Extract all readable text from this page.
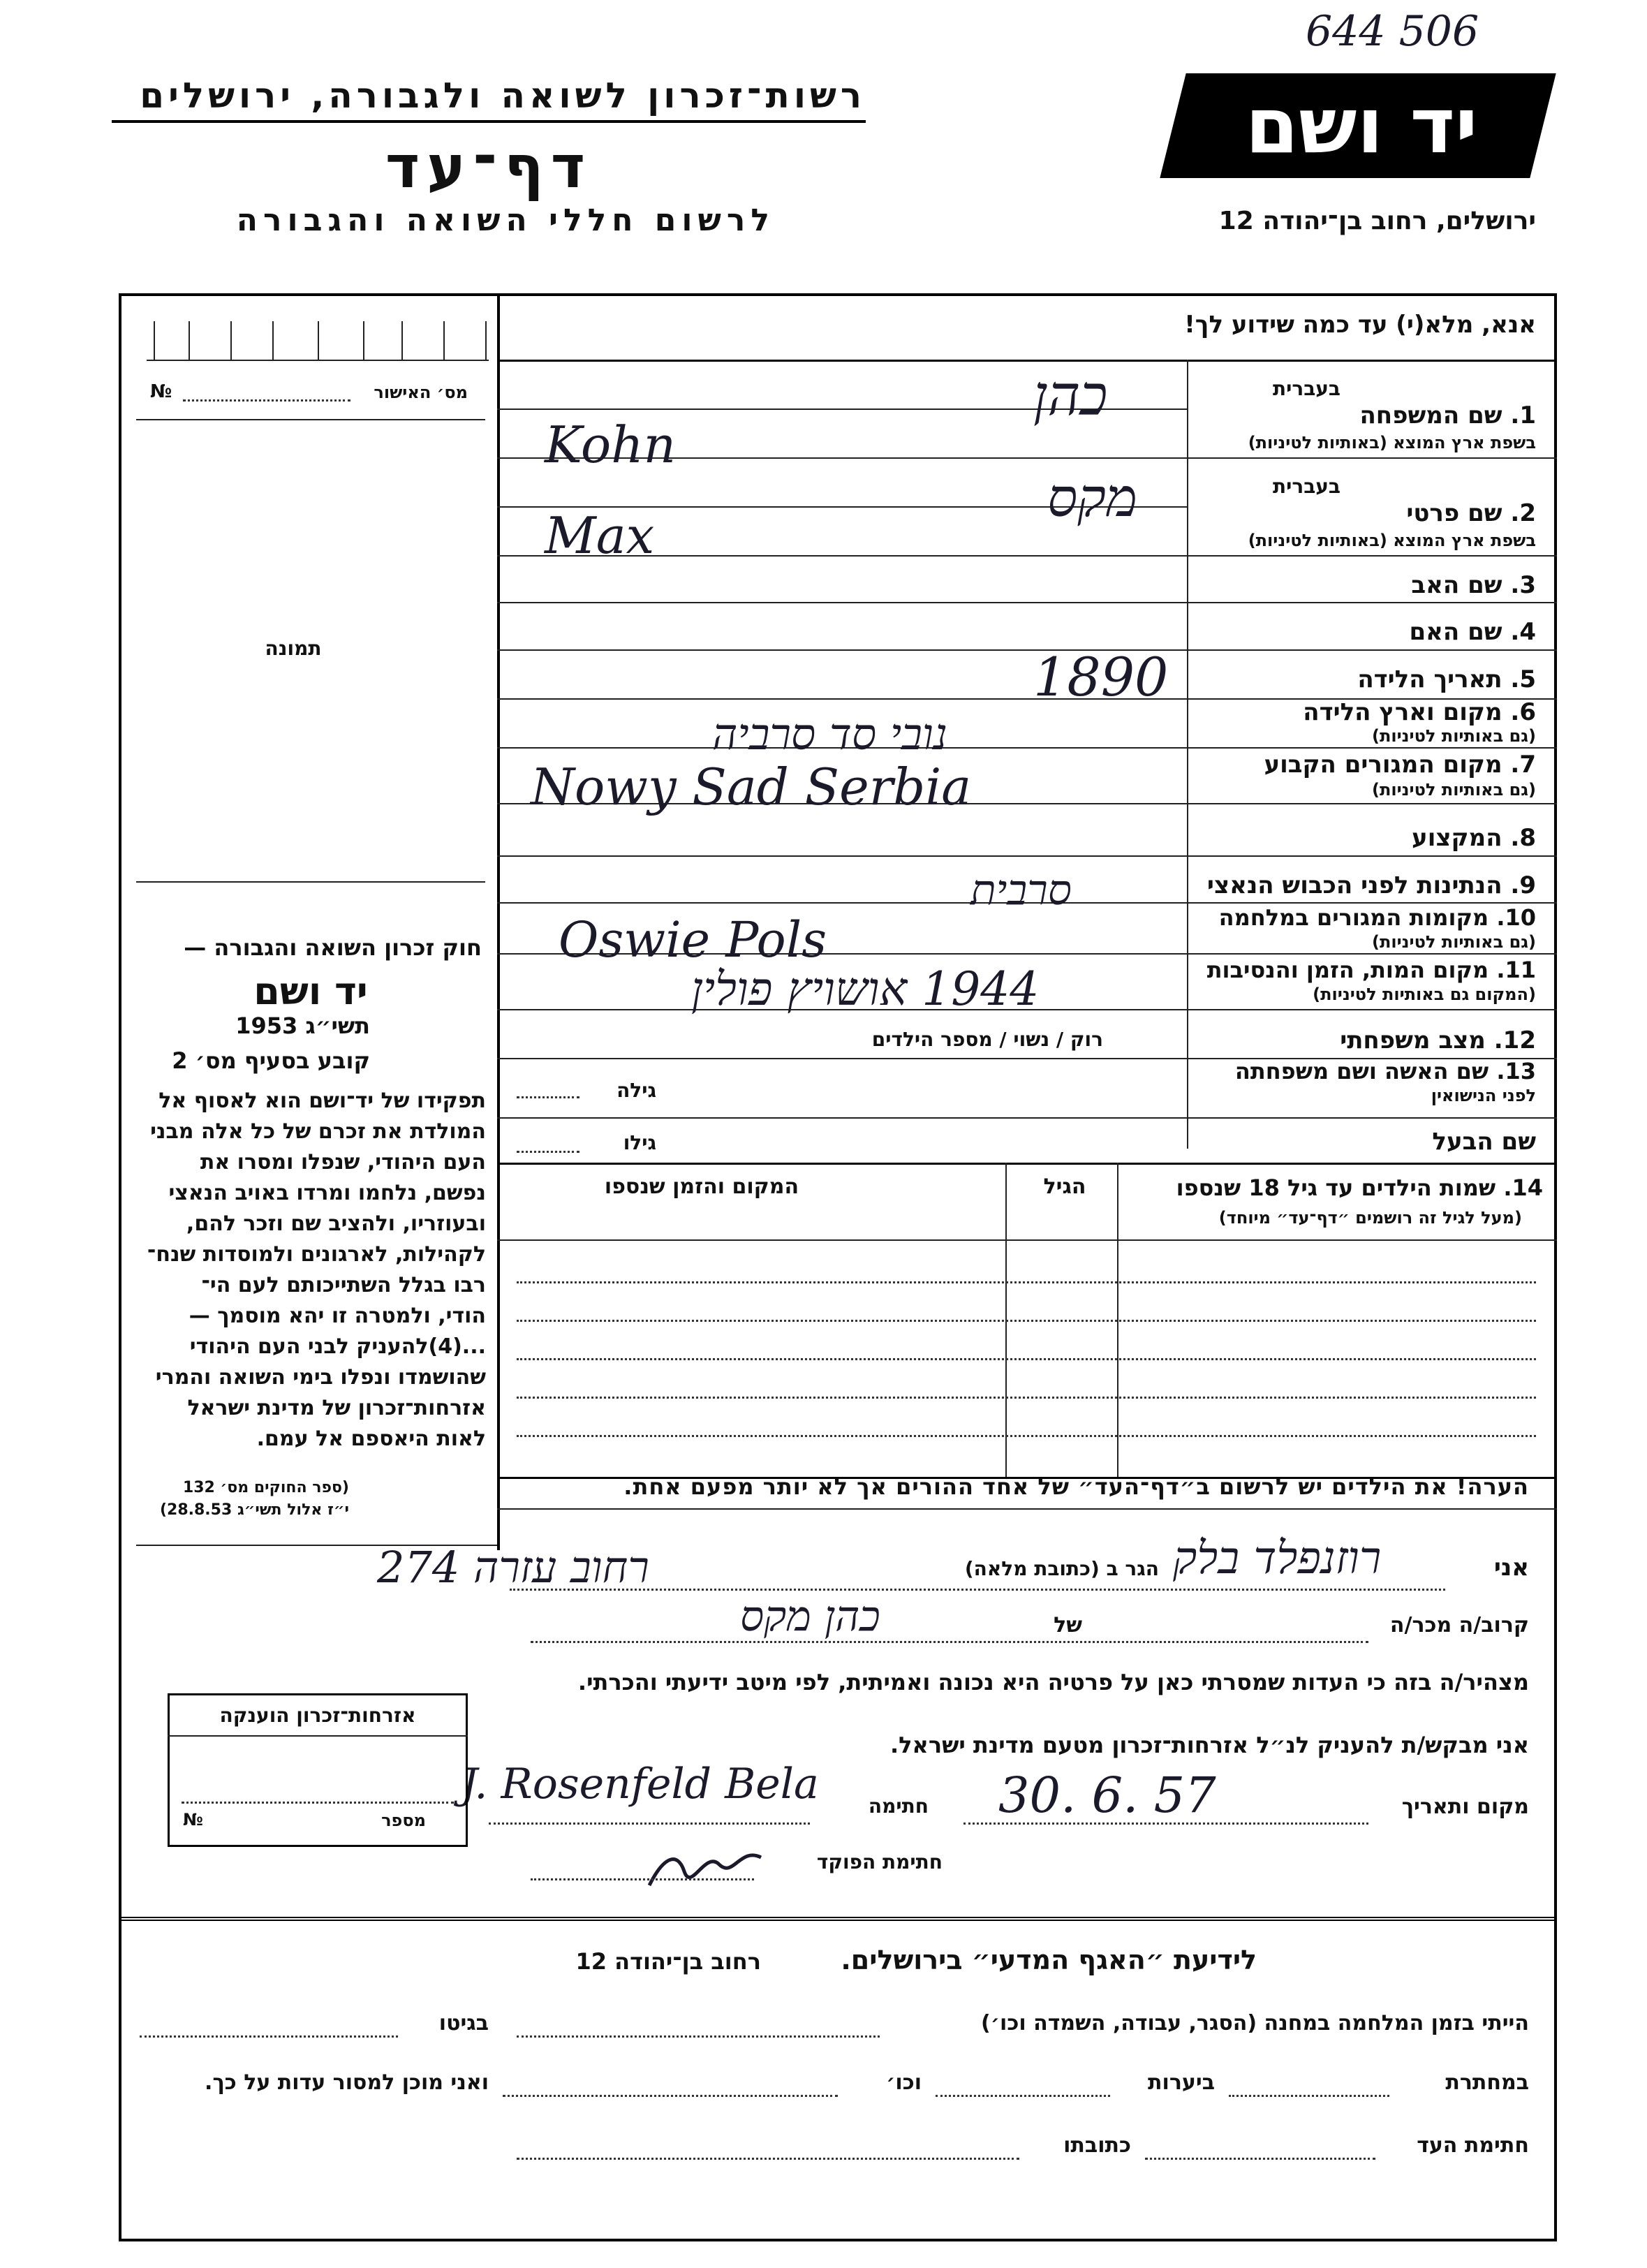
644 506
יד ושם
רשות־זכרון לשואה ולגבורה, ירושלים
דף־עד
לרשום חללי השואה והגבורה	ירושלים, רחוב בן־יהודה 12
אנא, מלא(י) עד כמה שידוע לך!
מס׳ האישור
№
תמונה
חוק זכרון השואה והגבורה —
יד ושם
תשי״ג 1953
קובע בסעיף מס׳ 2
תפקידו של יד־ושם הוא לאסוף אל
המולדת את זכרם של כל אלה מבני
העם היהודי, שנפלו ומסרו את
נפשם, נלחמו ומרדו באויב הנאצי
ובעוזריו, ולהציב שם וזכר להם,
לקהילות, לארגונים ולמוסדות שנח־
רבו בגלל השתייכותם לעם הי־
הודי, ולמטרה זו יהא מוסמך —
...(4)להעניק לבני העם היהודי
שהושמדו ונפלו בימי השואה והמרי
אזרחות־זכרון של מדינת ישראל
לאות היאספם אל עמם.
(ספר החוקים מס׳ 132
י״ז אלול תשי״ג 28.8.53)
בעברית
1. שם המשפחה
בשפת ארץ המוצא (באותיות לטיניות)
בעברית
2. שם פרטי
בשפת ארץ המוצא (באותיות לטיניות)
3. שם האב
4. שם האם
5. תאריך הלידה
6. מקום וארץ הלידה
(גם באותיות לטיניות)
7. מקום המגורים הקבוע
(גם באותיות לטיניות)
8. המקצוע
9. הנתינות לפני הכבוש הנאצי
10. מקומות המגורים במלחמה
(גם באותיות לטיניות)
11. מקום המות, הזמן והנסיבות
(המקום גם באותיות לטיניות)
12. מצב משפחתי
רוק / נשוי / מספר הילדים
13. שם האשה ושם משפחתה
לפני הנישואין
גילה
שם הבעל
גילו
כהן
Kohn
מקס
Max
1890
נובי סד סרביה
Nowy Sad Serbia
סרבית
Oswie Pols
1944 אושויץ פולין
14. שמות הילדים עד גיל 18 שנספו
(מעל לגיל זה רושמים ״דף־עד״ מיוחד)
הגיל
המקום והזמן שנספו
הערה! את הילדים יש לרשום ב״דף־העד״ של אחד ההורים אך לא יותר מפעם אחת.
אני
רוזנפלד בלק
הגר ב (כתובת מלאה)
רחוב עזרה 274
קרוב/ה מכר/ה
של
כהן מקס
מצהיר/ה בזה כי העדות שמסרתי כאן על פרטיה היא נכונה ואמיתית, לפי מיטב ידיעתי והכרתי.
אני מבקש/ת להעניק לנ״ל אזרחות־זכרון מטעם מדינת ישראל.
מקום ותאריך
30. 6. 57
חתימה
J. Rosenfeld Bela
חתימת הפוקד
אזרחות־זכרון הוענקה
מספר
№
לידיעת ״האגף המדעי״ בירושלים.
רחוב בן־יהודה 12
הייתי בזמן המלחמה במחנה (הסגר, עבודה, השמדה וכו׳)
בגיטו
במחתרת
ביערות
וכו׳
ואני מוכן למסור עדות על כך.
חתימת העד
כתובתו
